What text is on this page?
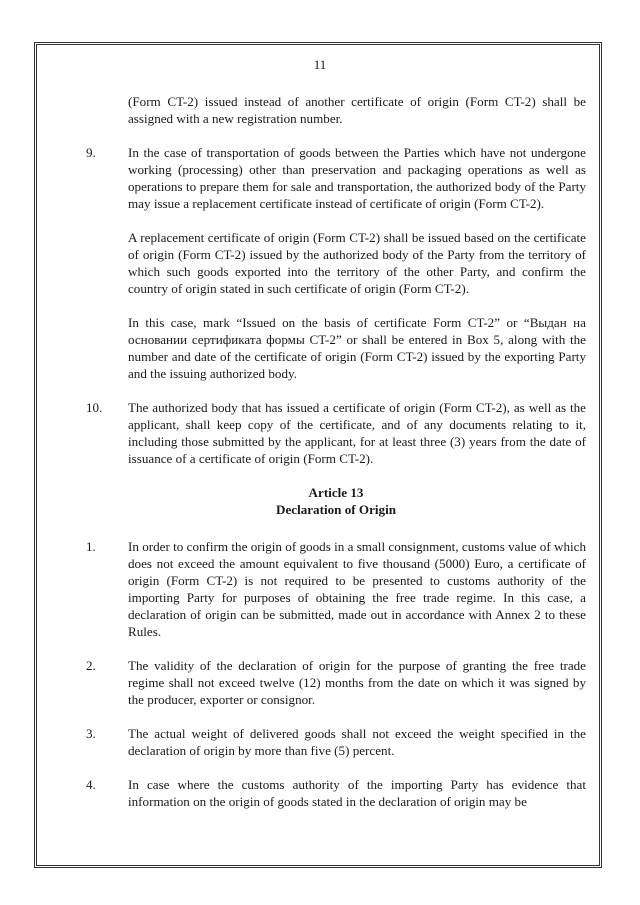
11

(Form CT-2) issued instead of another certificate of origin (Form CT-2) shall be assigned with a new registration number.

9. In the case of transportation of goods between the Parties which have not undergone working (processing) other than preservation and packaging operations as well as operations to prepare them for sale and transportation, the authorized body of the Party may issue a replacement certificate instead of certificate of origin (Form CT-2).

A replacement certificate of origin (Form CT-2) shall be issued based on the certificate of origin (Form CT-2) issued by the authorized body of the Party from the territory of which such goods exported into the territory of the other Party, and confirm the country of origin stated in such certificate of origin (Form CT-2).

In this case, mark “Issued on the basis of certificate Form CT-2” or “Выдан на основании сертификата формы CT-2” or shall be entered in Box 5, along with the number and date of the certificate of origin (Form CT-2) issued by the exporting Party and the issuing authorized body.

10. The authorized body that has issued a certificate of origin (Form CT-2), as well as the applicant, shall keep copy of the certificate, and of any documents relating to it, including those submitted by the applicant, for at least three (3) years from the date of issuance of a certificate of origin (Form CT-2).

Article 13
Declaration of Origin
1. In order to confirm the origin of goods in a small consignment, customs value of which does not exceed the amount equivalent to five thousand (5000) Euro, a certificate of origin (Form CT-2) is not required to be presented to customs authority of the importing Party for purposes of obtaining the free trade regime. In this case, a declaration of origin can be submitted, made out in accordance with Annex 2 to these Rules.

2. The validity of the declaration of origin for the purpose of granting the free trade regime shall not exceed twelve (12) months from the date on which it was signed by the producer, exporter or consignor.

3. The actual weight of delivered goods shall not exceed the weight specified in the declaration of origin by more than five (5) percent.

4. In case where the customs authority of the importing Party has evidence that information on the origin of goods stated in the declaration of origin may be
